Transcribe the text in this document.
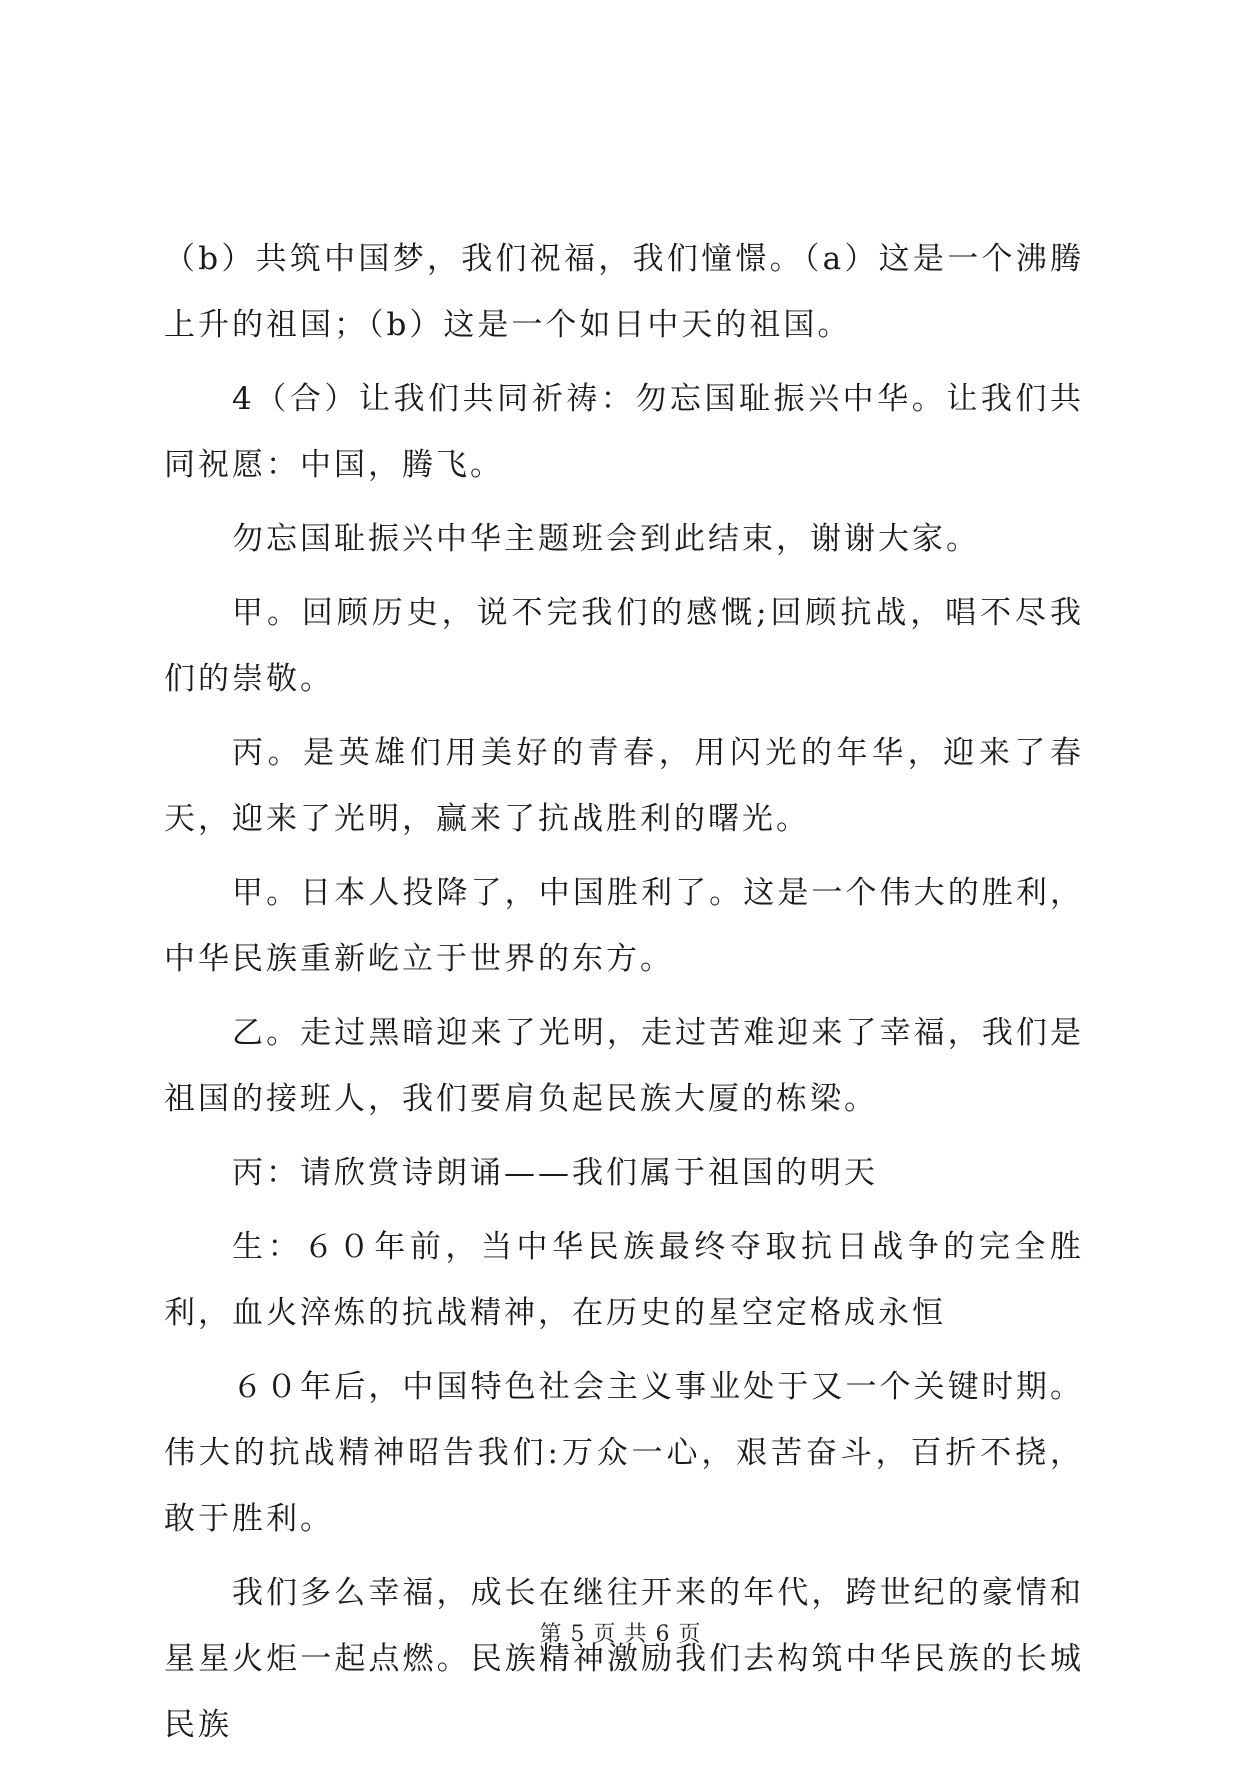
（b）共筑中国梦，我们祝福，我们憧憬。（a）这是一个沸腾上升的祖国；（b）这是一个如日中天的祖国。

4（合）让我们共同祈祷：勿忘国耻振兴中华。让我们共同祝愿：中国，腾飞。

勿忘国耻振兴中华主题班会到此结束，谢谢大家。

甲。回顾历史，说不完我们的感慨;回顾抗战，唱不尽我们的崇敬。

丙。是英雄们用美好的青春，用闪光的年华，迎来了春天，迎来了光明，赢来了抗战胜利的曙光。

甲。日本人投降了，中国胜利了。这是一个伟大的胜利，中华民族重新屹立于世界的东方。

乙。走过黑暗迎来了光明，走过苦难迎来了幸福，我们是祖国的接班人，我们要肩负起民族大厦的栋梁。

丙：请欣赏诗朗诵——我们属于祖国的明天

生：６０年前，当中华民族最终夺取抗日战争的完全胜利，血火淬炼的抗战精神，在历史的星空定格成永恒

６０年后，中国特色社会主义事业处于又一个关键时期。伟大的抗战精神昭告我们:万众一心，艰苦奋斗，百折不挠，敢于胜利。

我们多么幸福，成长在继往开来的年代，跨世纪的豪情和星星火炬一起点燃。民族精神激励我们去构筑中华民族的长城民族

第 5 页 共 6 页
